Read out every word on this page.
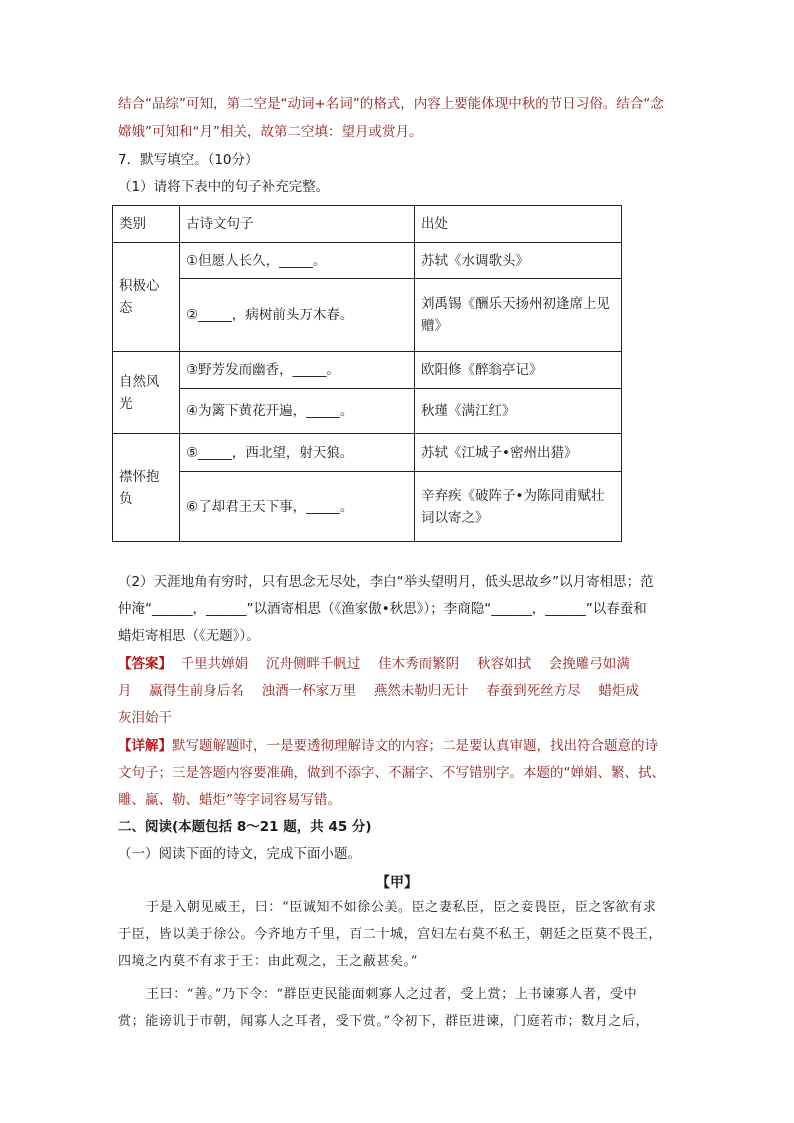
结合“品综”可知，第二空是“动词+名词”的格式，内容上要能体现中秋的节日习俗。结合“念
嫦娥”可知和“月”相关，故第二空填：望月或赏月。
7．默写填空。（10分）
（1）请将下表中的句子补充完整。
类别	古诗文句子	出处

积极心
态	①但愿人长久，_____。	苏轼《水调歌头》
	②_____，病树前头万木春。	刘禹锡《酬乐天扬州初逢席上见
赠》

自然风
光	③野芳发而幽香，_____。	欧阳修《醉翁亭记》
	④为篱下黄花开遍，_____。	秋瑾《满江红》

襟怀抱
负	⑤_____，西北望，射天狼。	苏轼《江城子•密州出猎》
	⑥了却君王天下事，_____。	辛弃疾《破阵子•为陈同甫赋壮
词以寄之》
（2）天涯地角有穷时，只有思念无尽处，李白“举头望明月，低头思故乡”以月寄相思；范
仲淹“______，______”以酒寄相思（《渔家傲•秋思》）；李商隐“______，______”以春蚕和
蜡炬寄相思（《无题》）。
【答案】 千里共婵娟　 沉舟侧畔千帆过　 佳木秀而繁阴　 秋容如拭　 会挽雕弓如满
月　 赢得生前身后名　 浊酒一杯家万里　 燕然未勒归无计　 春蚕到死丝方尽　 蜡炬成
灰泪始干
【详解】默写题解题时，一是要透彻理解诗文的内容；二是要认真审题，找出符合题意的诗
文句子；三是答题内容要准确，做到不添字、不漏字、不写错别字。本题的“婵娟、繁、拭、
雕、赢、勒、蜡炬”等字词容易写错。
二、阅读(本题包括 8～21 题，共 45 分)
（一）阅读下面的诗文，完成下面小题。
【甲】
于是入朝见威王，曰：“臣诚知不如徐公美。臣之妻私臣，臣之妾畏臣，臣之客欲有求
于臣，皆以美于徐公。今齐地方千里，百二十城，宫妇左右莫不私王，朝廷之臣莫不畏王，
四境之内莫不有求于王：由此观之，王之蔽甚矣。”
王曰：“善。”乃下令：“群臣吏民能面刺寡人之过者，受上赏；上书谏寡人者，受中
赏；能谤讥于市朝，闻寡人之耳者，受下赏。”令初下，群臣进谏，门庭若市；数月之后，
